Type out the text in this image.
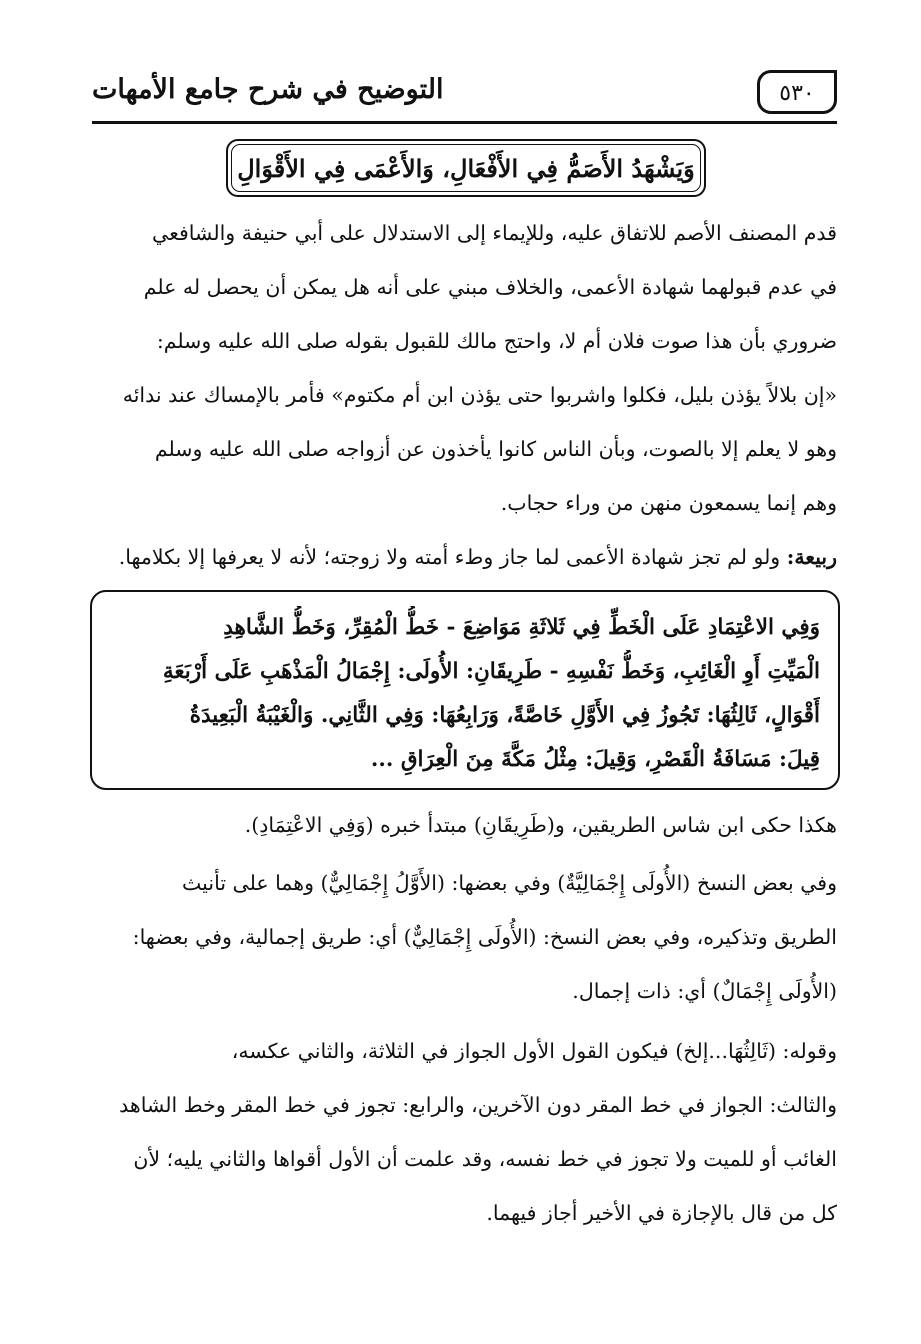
٥٣٠
التوضيح في شرح جامع الأمهات
وَيَشْهَدُ الأَصَمُّ فِي الأَفْعَالِ، وَالأَعْمَى فِي الأَقْوَالِ
قدم المصنف الأصم للاتفاق عليه، وللإيماء إلى الاستدلال على أبي حنيفة والشافعي
في عدم قبولهما شهادة الأعمى، والخلاف مبني على أنه هل يمكن أن يحصل له علم
ضروري بأن هذا صوت فلان أم لا، واحتج مالك للقبول بقوله صلى الله عليه وسلم:
«إن بلالاً يؤذن بليل، فكلوا واشربوا حتى يؤذن ابن أم مكتوم» فأمر بالإمساك عند ندائه
وهو لا يعلم إلا بالصوت، وبأن الناس كانوا يأخذون عن أزواجه صلى الله عليه وسلم
وهم إنما يسمعون منهن من وراء حجاب.
ربيعة: ولو لم تجز شهادة الأعمى لما جاز وطء أمته ولا زوجته؛ لأنه لا يعرفها إلا بكلامها.
وَفِي الاعْتِمَادِ عَلَى الْخَطِّ فِي ثَلاثَةِ مَوَاضِعَ - خَطُّ الْمُقِرِّ، وَخَطُّ الشَّاهِدِ
الْمَيِّتِ أَوِ الْغَائِبِ، وَخَطُّ نَفْسِهِ - طَرِيقَانِ: الأُولَى: إِجْمَالُ الْمَذْهَبِ عَلَى أَرْبَعَةِ
أَقْوَالٍ، ثَالِثُهَا: تَجُوزُ فِي الأَوَّلِ خَاصَّةً، وَرَابِعُهَا: وَفِي الثَّانِي. وَالْغَيْبَةُ الْبَعِيدَةُ
قِيلَ: مَسَافَةُ الْقَصْرِ، وَقِيلَ: مِثْلُ مَكَّةَ مِنَ الْعِرَاقِ ...
هكذا حكى ابن شاس الطريقين، و(طَرِيقَانِ) مبتدأ خبره (وَفِي الاعْتِمَادِ).
وفي بعض النسخ (الأُولَى إِجْمَالِيَّةٌ) وفي بعضها: (الأَوَّلُ إِجْمَالِيٌّ) وهما على تأنيث
الطريق وتذكيره، وفي بعض النسخ: (الأُولَى إِجْمَالِيٌّ) أي: طريق إجمالية، وفي بعضها:
(الأُولَى إِجْمَالٌ) أي: ذات إجمال.
وقوله: (ثَالِثُهَا...إلخ) فيكون القول الأول الجواز في الثلاثة، والثاني عكسه،
والثالث: الجواز في خط المقر دون الآخرين، والرابع: تجوز في خط المقر وخط الشاهد
الغائب أو للميت ولا تجوز في خط نفسه، وقد علمت أن الأول أقواها والثاني يليه؛ لأن
كل من قال بالإجازة في الأخير أجاز فيهما.
